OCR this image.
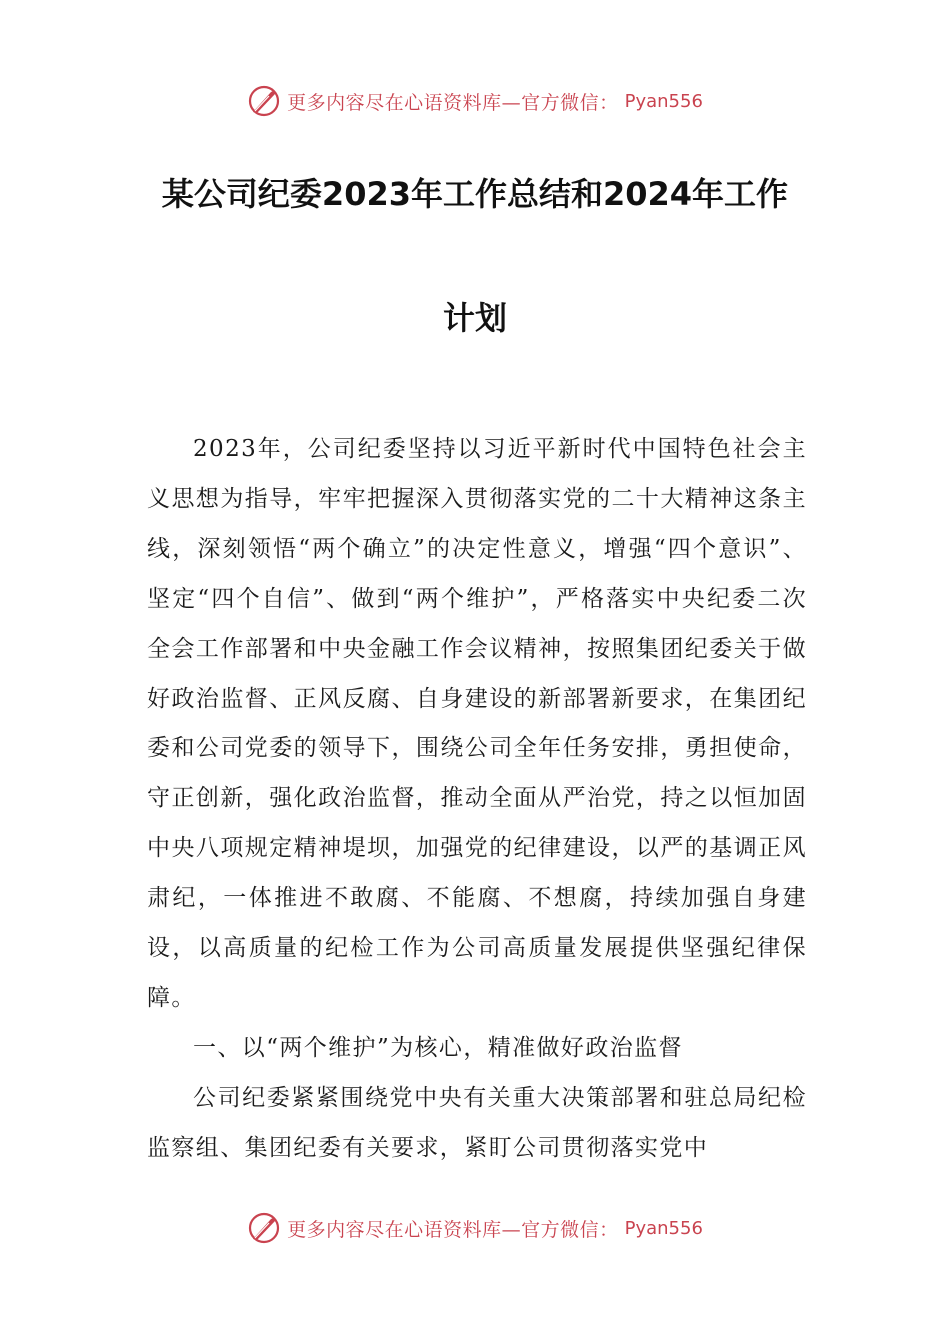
更多内容尽在心语资料库—官方微信： Pyan556
某公司纪委2023年工作总结和2024年工作
计划

2023年，公司纪委坚持以习近平新时代中国特色社会主义思想为指导，牢牢把握深入贯彻落实党的二十大精神这条主线，深刻领悟“两个确立”的决定性意义，增强“四个意识”、坚定“四个自信”、做到“两个维护”，严格落实中央纪委二次全会工作部署和中央金融工作会议精神，按照集团纪委关于做好政治监督、正风反腐、自身建设的新部署新要求，在集团纪委和公司党委的领导下，围绕公司全年任务安排，勇担使命，守正创新，强化政治监督，推动全面从严治党，持之以恒加固中央八项规定精神堤坝，加强党的纪律建设，以严的基调正风肃纪，一体推进不敢腐、不能腐、不想腐，持续加强自身建设，以高质量的纪检工作为公司高质量发展提供坚强纪律保障。

一、以“两个维护”为核心，精准做好政治监督

公司纪委紧紧围绕党中央有关重大决策部署和驻总局纪检监察组、集团纪委有关要求，紧盯公司贯彻落实党中

更多内容尽在心语资料库—官方微信： Pyan556
